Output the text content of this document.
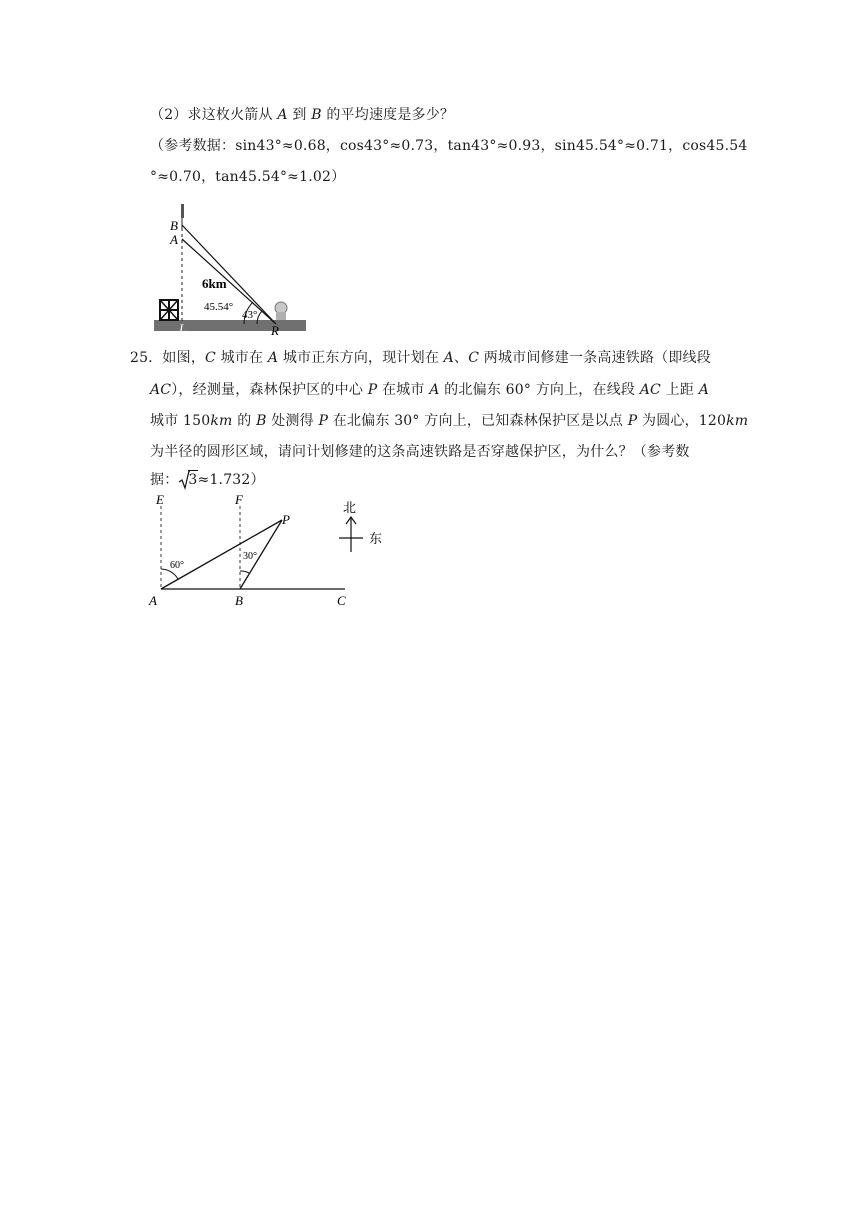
（2）求这枚火箭从 A 到 B 的平均速度是多少？
（参考数据：sin43°≈0.68，cos43°≈0.73，tan43°≈0.93，sin45.54°≈0.71，cos45.54
°≈0.70，tan45.54°≈1.02）
B
A
6km
45.54°
43°
L	R
25．如图，C 城市在 A 城市正东方向，现计划在 A、C 两城市间修建一条高速铁路（即线段
AC），经测量，森林保护区的中心 P 在城市 A 的北偏东 60° 方向上，在线段 AC 上距 A
城市 150km 的 B 处测得 P 在北偏东 30° 方向上，已知森林保护区是以点 P 为圆心，120km
为半径的圆形区域，请问计划修建的这条高速铁路是否穿越保护区，为什么？（参考数
据： 3≈1.732）
E	F
P
60°
30°
A	B	C
北
东
